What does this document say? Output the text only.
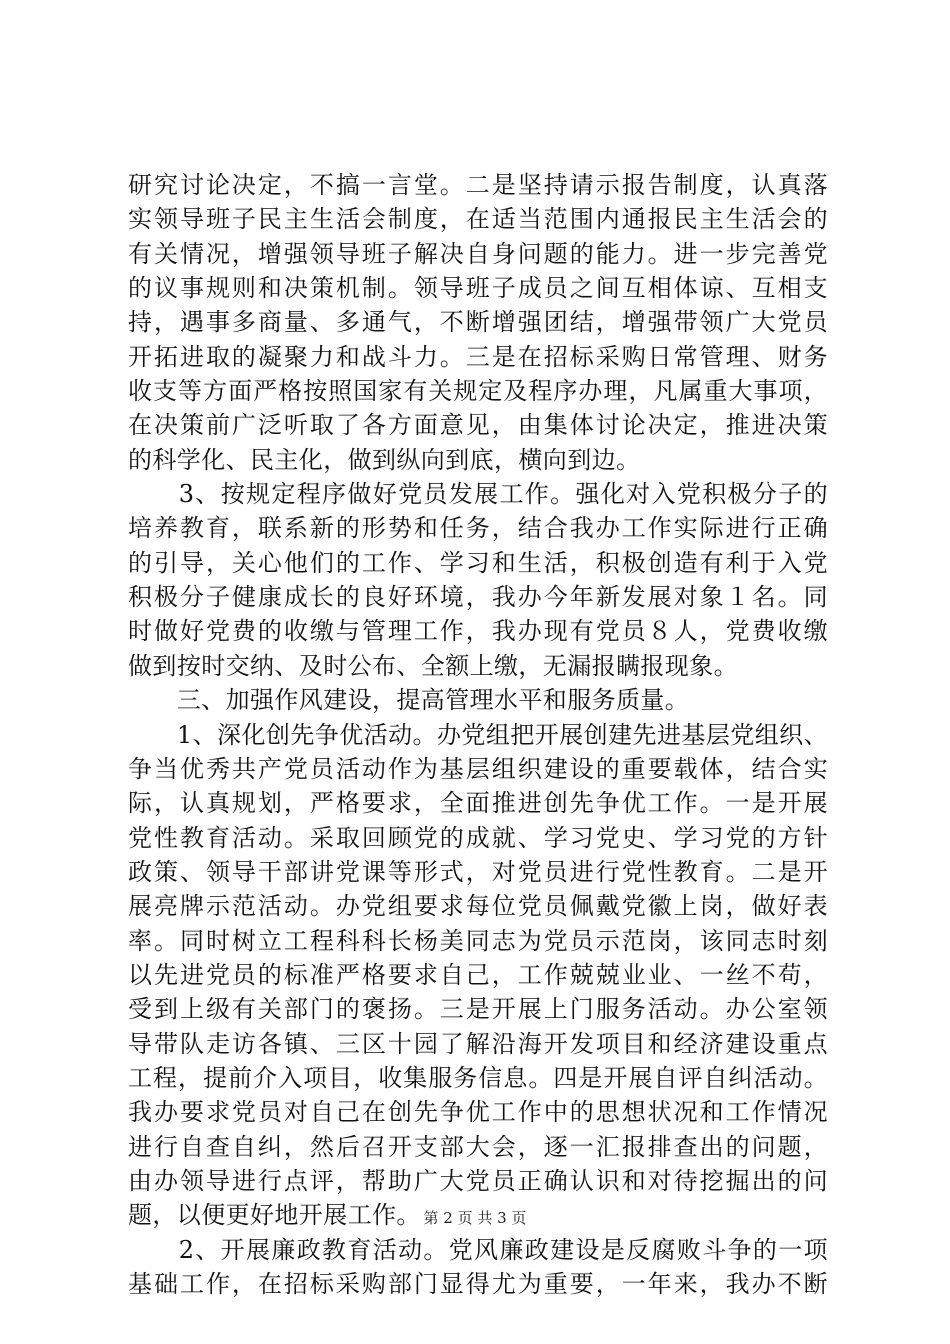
研究讨论决定，不搞一言堂。二是坚持请示报告制度，认真落
实领导班子民主生活会制度，在适当范围内通报民主生活会的
有关情况，增强领导班子解决自身问题的能力。进一步完善党
的议事规则和决策机制。领导班子成员之间互相体谅、互相支
持，遇事多商量、多通气，不断增强团结，增强带领广大党员
开拓进取的凝聚力和战斗力。三是在招标采购日常管理、财务
收支等方面严格按照国家有关规定及程序办理，凡属重大事项，
在决策前广泛听取了各方面意见，由集体讨论决定，推进决策
的科学化、民主化，做到纵向到底，横向到边。
　　3、按规定程序做好党员发展工作。强化对入党积极分子的
培养教育，联系新的形势和任务，结合我办工作实际进行正确
的引导，关心他们的工作、学习和生活，积极创造有利于入党
积极分子健康成长的良好环境，我办今年新发展对象１名。同
时做好党费的收缴与管理工作，我办现有党员８人，党费收缴
做到按时交纳、及时公布、全额上缴，无漏报瞒报现象。
　　三、加强作风建设，提高管理水平和服务质量。
　　1、深化创先争优活动。办党组把开展创建先进基层党组织、
争当优秀共产党员活动作为基层组织建设的重要载体，结合实
际，认真规划，严格要求，全面推进创先争优工作。一是开展
党性教育活动。采取回顾党的成就、学习党史、学习党的方针
政策、领导干部讲党课等形式，对党员进行党性教育。二是开
展亮牌示范活动。办党组要求每位党员佩戴党徽上岗，做好表
率。同时树立工程科科长杨美同志为党员示范岗，该同志时刻
以先进党员的标准严格要求自己，工作兢兢业业、一丝不苟，
受到上级有关部门的褒扬。三是开展上门服务活动。办公室领
导带队走访各镇、三区十园了解沿海开发项目和经济建设重点
工程，提前介入项目，收集服务信息。四是开展自评自纠活动。
我办要求党员对自己在创先争优工作中的思想状况和工作情况
进行自查自纠，然后召开支部大会，逐一汇报排查出的问题，
由办领导进行点评，帮助广大党员正确认识和对待挖掘出的问
题，以便更好地开展工作。
　　2、开展廉政教育活动。党风廉政建设是反腐败斗争的一项
基础工作，在招标采购部门显得尤为重要，一年来，我办不断
第 2 页 共 3 页
